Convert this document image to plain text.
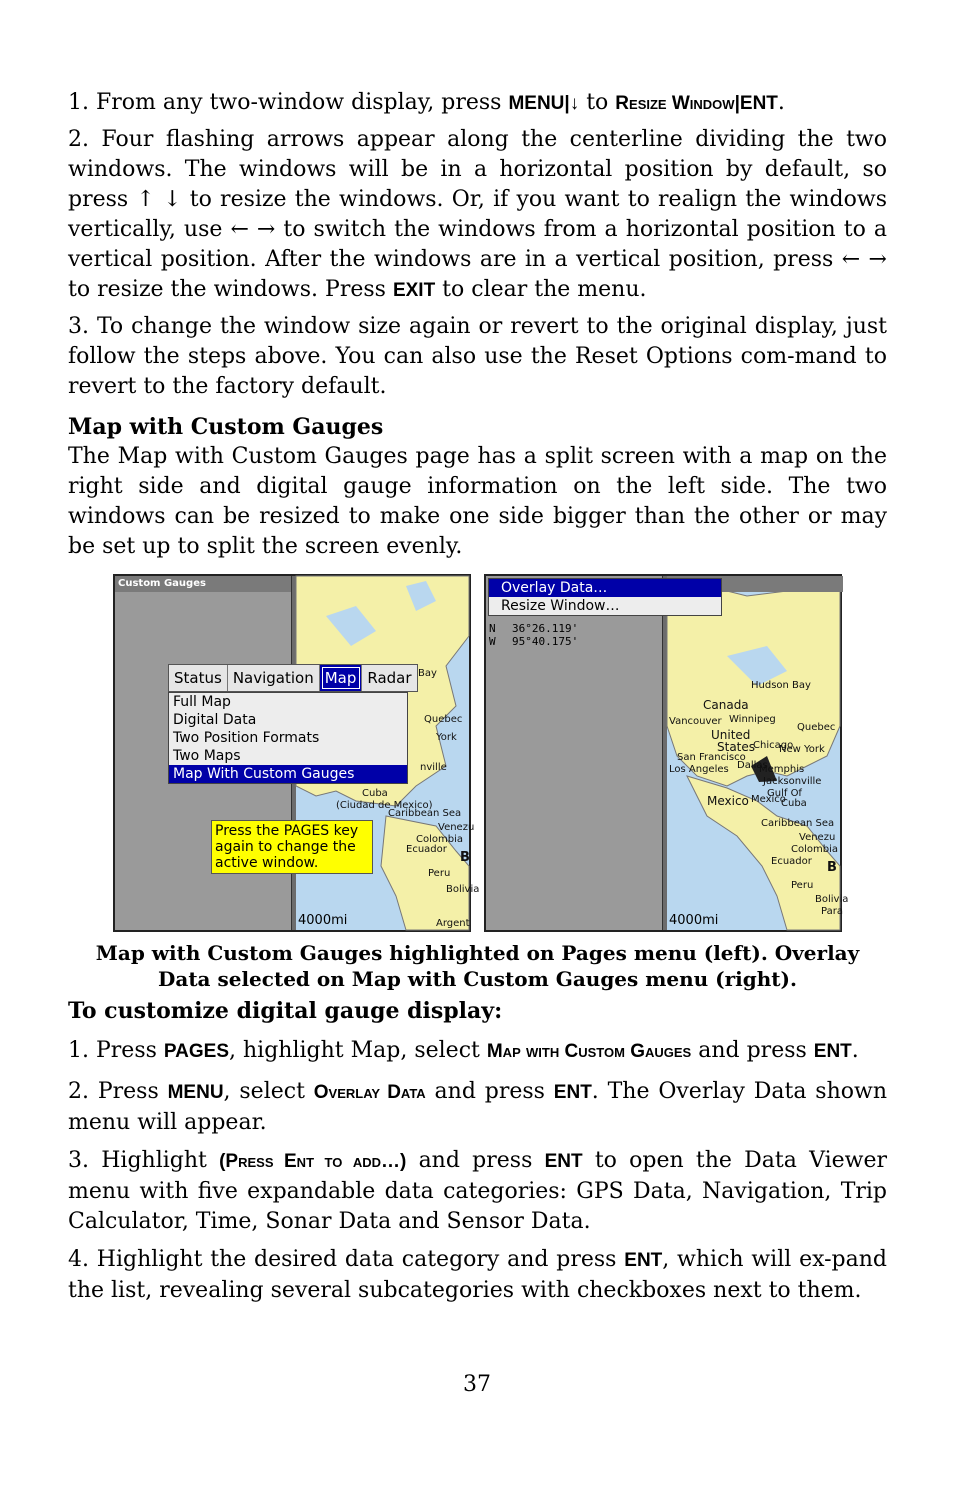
1. From any two-window display, press MENU|↓ to Resize Window|ENT.

2. Four flashing arrows appear along the centerline dividing the two windows. The windows will be in a horizontal position by default, so press ↑ ↓ to resize the windows. Or, if you want to realign the windows vertically, use ← → to switch the windows from a horizontal position to a vertical position. After the windows are in a vertical position, press ← → to resize the windows. Press EXIT to clear the menu.

3. To change the window size again or revert to the original display, just follow the steps above. You can also use the Reset Options com-mand to revert to the factory default.

Map with Custom Gauges

The Map with Custom Gauges page has a split screen with a map on the right side and digital gauge information on the left side. The two windows can be resized to make one side bigger than the other or may be set up to split the screen evenly.

Custom Gauges
Bay
Quebec
York
nville
Cuba
(Ciudad de Mexico)
Caribbean Sea
Venezu
Colombia
Ecuador
Peru
B
Bolivia
Argent
4000mi
Status Navigation Map Radar
Full Map
Digital Data
Two Position Formats
Two Maps
Map With Custom Gauges
Press the PAGES key
again to change the
active window.
N 36°26.119'
W 95°40.175'
Hudson Bay
Canada
Vancouver Winnipeg
Quebec
United
States
Chicago
New York
San Francisco
Los Angeles Dallas
Memphis
Jacksonville
Gulf Of
Mexico Mexico
Cuba
Caribbean Sea
Venezu
Colombia
Ecuador
Peru
B
Bolivia
Para
4000mi
Overlay Data…
Resize Window…
Map with Custom Gauges highlighted on Pages menu (left). Overlay
Data selected on Map with Custom Gauges menu (right).
To customize digital gauge display:

1. Press PAGES, highlight Map, select Map with Custom Gauges and press ENT.

2. Press MENU, select Overlay Data and press ENT. The Overlay Data shown menu will appear.

3. Highlight (Press Ent to add…) and press ENT to open the Data Viewer menu with five expandable data categories: GPS Data, Navigation, Trip Calculator, Time, Sonar Data and Sensor Data.

4. Highlight the desired data category and press ENT, which will ex-pand the list, revealing several subcategories with checkboxes next to them.

37
